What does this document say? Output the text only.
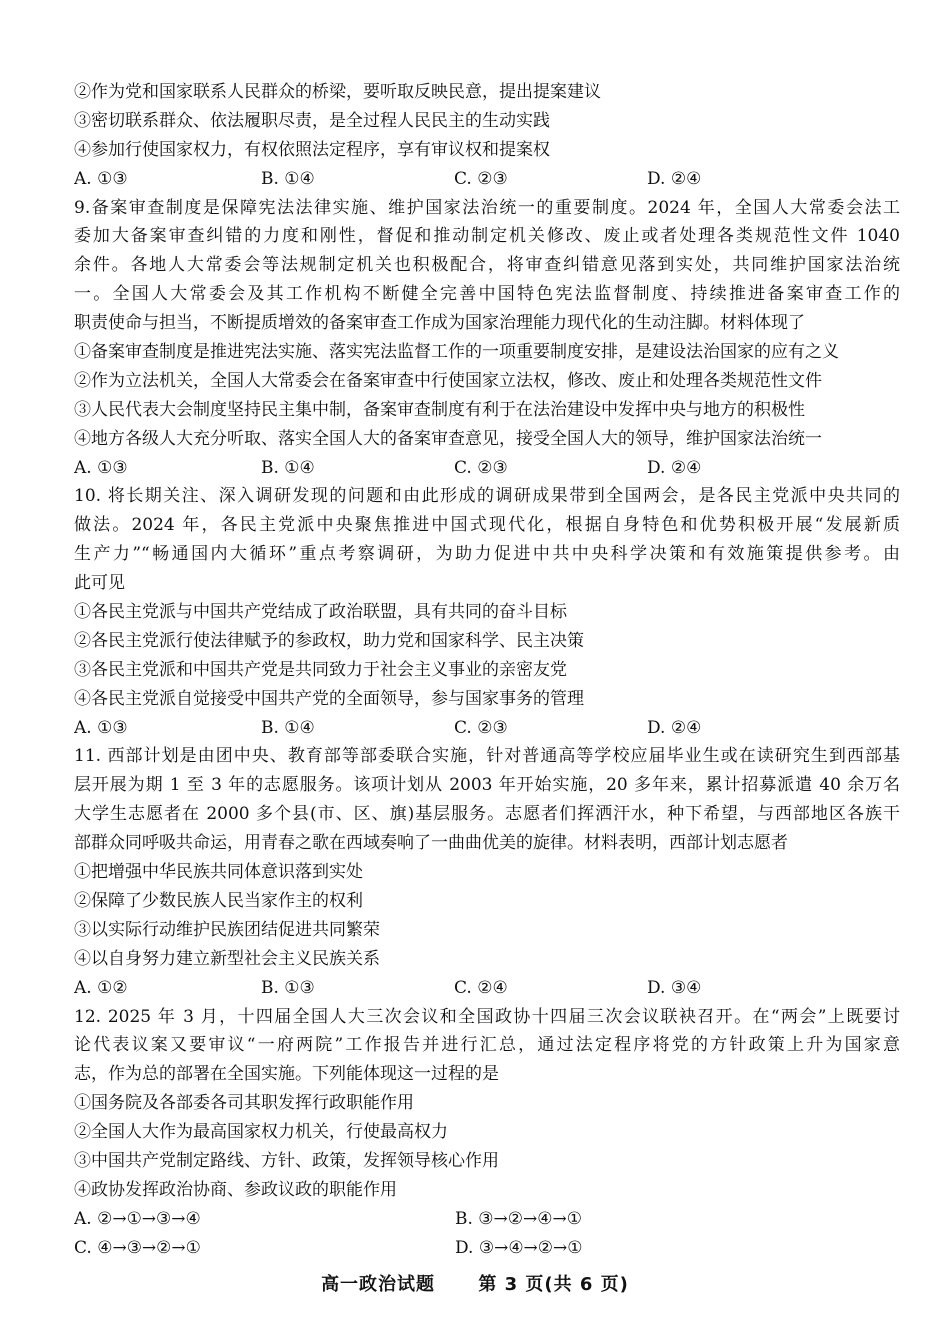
②作为党和国家联系人民群众的桥梁，要听取反映民意，提出提案建议
③密切联系群众、依法履职尽责，是全过程人民民主的生动实践
④参加行使国家权力，有权依照法定程序，享有审议权和提案权
A. ①③	B. ①④	C. ②③	D. ②④
9.备案审查制度是保障宪法法律实施、维护国家法治统一的重要制度。2024 年，全国人大常委会法工
委加大备案审查纠错的力度和刚性，督促和推动制定机关修改、废止或者处理各类规范性文件 1040
余件。各地人大常委会等法规制定机关也积极配合，将审查纠错意见落到实处，共同维护国家法治统
一。全国人大常委会及其工作机构不断健全完善中国特色宪法监督制度、持续推进备案审查工作的
职责使命与担当，不断提质增效的备案审查工作成为国家治理能力现代化的生动注脚。材料体现了
①备案审查制度是推进宪法实施、落实宪法监督工作的一项重要制度安排，是建设法治国家的应有之义
②作为立法机关，全国人大常委会在备案审查中行使国家立法权，修改、废止和处理各类规范性文件
③人民代表大会制度坚持民主集中制，备案审查制度有利于在法治建设中发挥中央与地方的积极性
④地方各级人大充分听取、落实全国人大的备案审查意见，接受全国人大的领导，维护国家法治统一
A. ①③	B. ①④	C. ②③	D. ②④
10. 将长期关注、深入调研发现的问题和由此形成的调研成果带到全国两会，是各民主党派中央共同的
做法。2024 年，各民主党派中央聚焦推进中国式现代化，根据自身特色和优势积极开展“发展新质
生产力”“畅通国内大循环”重点考察调研，为助力促进中共中央科学决策和有效施策提供参考。由
此可见
①各民主党派与中国共产党结成了政治联盟，具有共同的奋斗目标
②各民主党派行使法律赋予的参政权，助力党和国家科学、民主决策
③各民主党派和中国共产党是共同致力于社会主义事业的亲密友党
④各民主党派自觉接受中国共产党的全面领导，参与国家事务的管理
A. ①③	B. ①④	C. ②③	D. ②④
11. 西部计划是由团中央、教育部等部委联合实施，针对普通高等学校应届毕业生或在读研究生到西部基
层开展为期 1 至 3 年的志愿服务。该项计划从 2003 年开始实施，20 多年来，累计招募派遣 40 余万名
大学生志愿者在 2000 多个县(市、区、旗)基层服务。志愿者们挥洒汗水，种下希望，与西部地区各族干
部群众同呼吸共命运，用青春之歌在西域奏响了一曲曲优美的旋律。材料表明，西部计划志愿者
①把增强中华民族共同体意识落到实处
②保障了少数民族人民当家作主的权利
③以实际行动维护民族团结促进共同繁荣
④以自身努力建立新型社会主义民族关系
A. ①②	B. ①③	C. ②④	D. ③④
12. 2025 年 3 月，十四届全国人大三次会议和全国政协十四届三次会议联袂召开。在“两会”上既要讨
论代表议案又要审议“一府两院”工作报告并进行汇总，通过法定程序将党的方针政策上升为国家意
志，作为总的部署在全国实施。下列能体现这一过程的是
①国务院及各部委各司其职发挥行政职能作用
②全国人大作为最高国家权力机关，行使最高权力
③中国共产党制定路线、方针、政策，发挥领导核心作用
④政协发挥政治协商、参政议政的职能作用
A. ②→①→③→④	B. ③→②→④→①
C. ④→③→②→①	D. ③→④→②→①
高一政治试题 第 3 页(共 6 页)
